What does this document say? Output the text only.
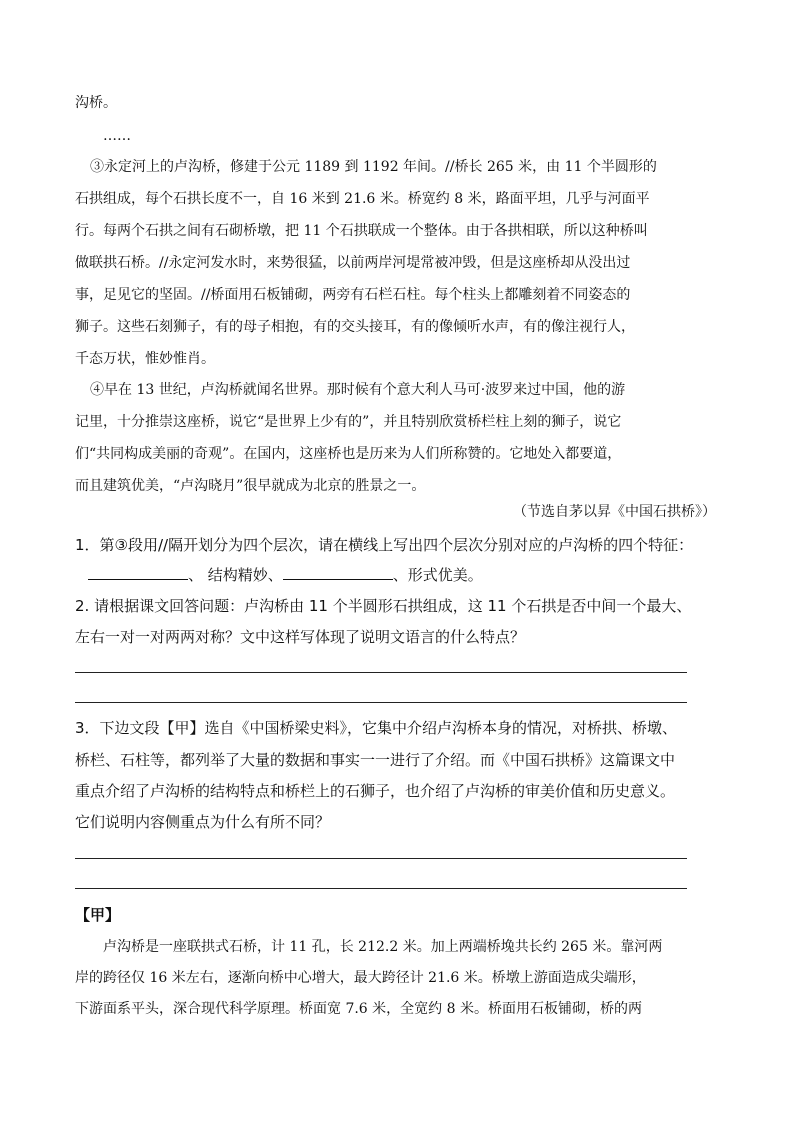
沟桥。
……
③永定河上的卢沟桥，修建于公元 1189 到 1192 年间。//桥长 265 米，由 11 个半圆形的
石拱组成，每个石拱长度不一，自 16 米到 21.6 米。桥宽约 8 米，路面平坦，几乎与河面平
行。每两个石拱之间有石砌桥墩，把 11 个石拱联成一个整体。由于各拱相联，所以这种桥叫
做联拱石桥。//永定河发水时，来势很猛，以前两岸河堤常被冲毁，但是这座桥却从没出过
事，足见它的坚固。//桥面用石板铺砌，两旁有石栏石柱。每个柱头上都雕刻着不同姿态的
狮子。这些石刻狮子，有的母子相抱，有的交头接耳，有的像倾听水声，有的像注视行人，
千态万状，惟妙惟肖。
④早在 13 世纪，卢沟桥就闻名世界。那时候有个意大利人马可·波罗来过中国，他的游
记里，十分推崇这座桥，说它“是世界上少有的”，并且特别欣赏桥栏柱上刻的狮子，说它
们“共同构成美丽的奇观”。在国内，这座桥也是历来为人们所称赞的。它地处入都要道，
而且建筑优美，“卢沟晓月”很早就成为北京的胜景之一。
（节选自茅以昇《中国石拱桥》）
1．第③段用//隔开划分为四个层次，请在横线上写出四个层次分别对应的卢沟桥的四个特征：
、 结构精妙、	、形式优美。
2. 请根据课文回答问题：卢沟桥由 11 个半圆形石拱组成，这 11 个石拱是否中间一个最大、
左右一对一对两两对称？文中这样写体现了说明文语言的什么特点？
3．下边文段【甲】选自《中国桥梁史料》，它集中介绍卢沟桥本身的情况，对桥拱、桥墩、
桥栏、石柱等，都列举了大量的数据和事实一一进行了介绍。而《中国石拱桥》这篇课文中
重点介绍了卢沟桥的结构特点和桥栏上的石狮子，也介绍了卢沟桥的审美价值和历史意义。
它们说明内容侧重点为什么有所不同？
【甲】
卢沟桥是一座联拱式石桥，计 11 孔，长 212.2 米。加上两端桥堍共长约 265 米。靠河两
岸的跨径仅 16 米左右，逐渐向桥中心增大，最大跨径计 21.6 米。桥墩上游面造成尖端形，
下游面系平头，深合现代科学原理。桥面宽 7.6 米，全宽约 8 米。桥面用石板铺砌，桥的两
